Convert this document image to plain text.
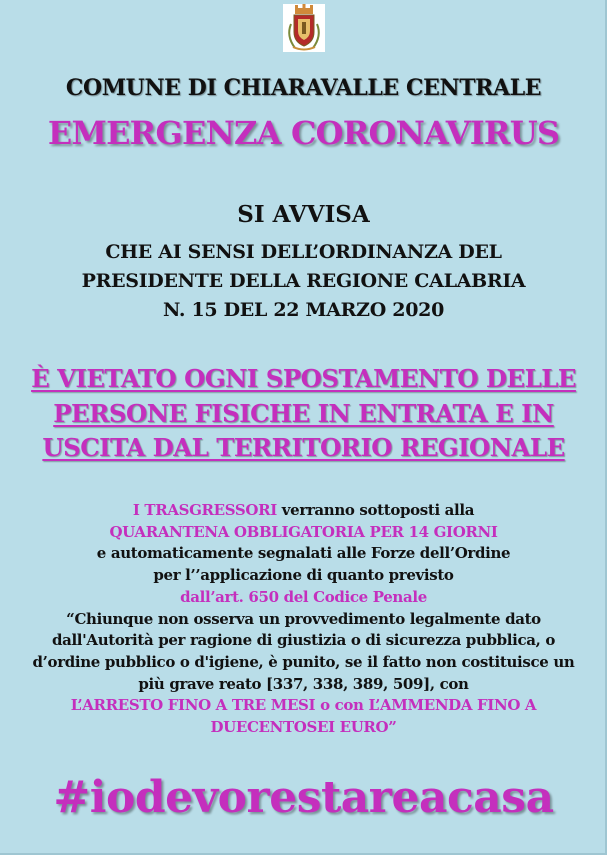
COMUNE DI CHIARAVALLE CENTRALE
EMERGENZA CORONAVIRUS
SI AVVISA
CHE AI SENSI DELL’ORDINANZA DEL
PRESIDENTE DELLA REGIONE CALABRIA
N. 15 DEL 22 MARZO 2020
È VIETATO OGNI SPOSTAMENTO DELLE
PERSONE FISICHE IN ENTRATA E IN
USCITA DAL TERRITORIO REGIONALE
I TRASGRESSORI verranno sottoposti alla
QUARANTENA OBBLIGATORIA PER 14 GIORNI
e automaticamente segnalati alle Forze dell’Ordine
per l’’applicazione di quanto previsto
dall’art. 650 del Codice Penale
“Chiunque non osserva un provvedimento legalmente dato
dall'Autorità per ragione di giustizia o di sicurezza pubblica, o
d’ordine pubblico o d'igiene, è punito, se il fatto non costituisce un
più grave reato [337, 338, 389, 509], con
L’ARRESTO FINO A TRE MESI o con L’AMMENDA FINO A
DUECENTOSEI EURO”
#iodevorestareacasa
